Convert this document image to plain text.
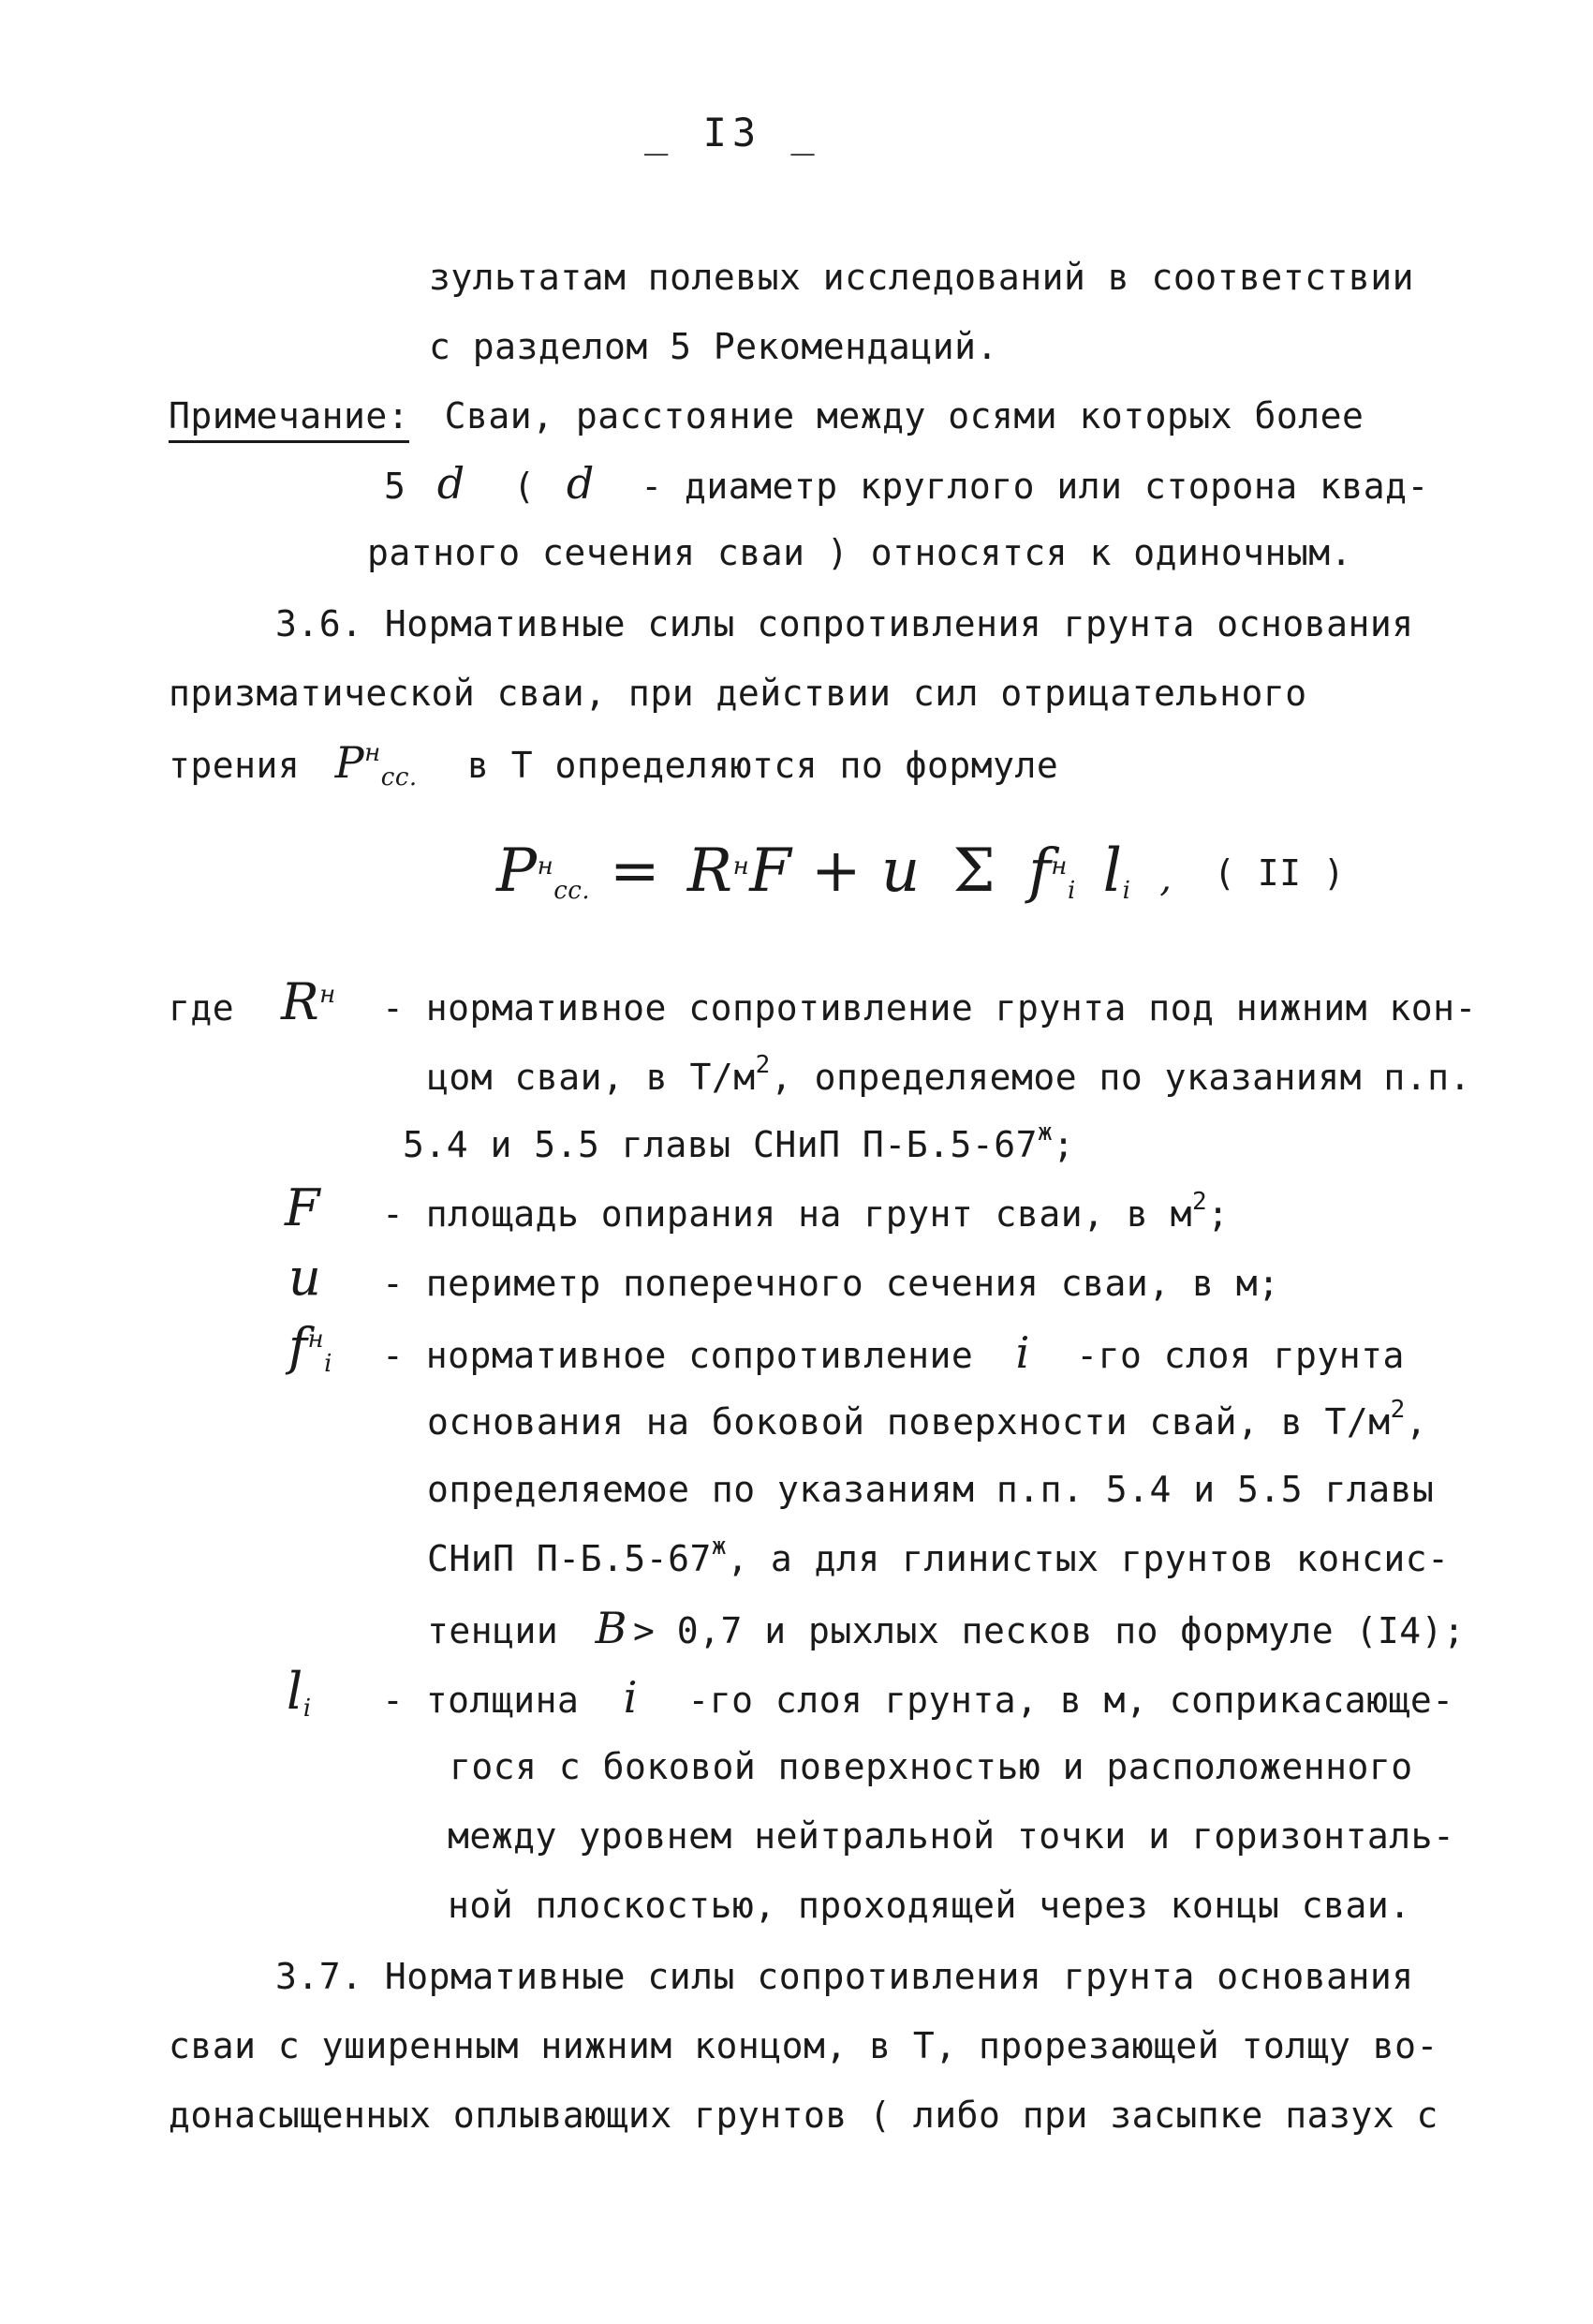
_ I3 _
зультатам полевых исследований в соответствии
с разделом 5 Рекомендаций.
Примечание: Сваи, расстояние между осями которых более
5 d ( d - диаметр круглого или сторона квад-
ратного сечения сваи ) относятся к одиночным.
3.6. Нормативные силы сопротивления грунта основания
призматической сваи, при действии сил отрицательного
трения $P^н_{cc.}$ в Т определяются по формуле
$P^н_{cc.} = R^нF + u$ Σ $f^н_i$ $l_i$ , ( II )
где $R^н$ - нормативное сопротивление грунта под нижним кон-
цом сваи, в $Т/м^2$, определяемое по указаниям п.п.
5.4 и 5.5 главы СНиП $П-Б.5-67^ж$;
F - площадь опирания на грунт сваи, в $м^2$;
u - периметр поперечного сечения сваи, в м;
$f^н_i$ - нормативное сопротивление i -го слоя грунта
основания на боковой поверхности свай, в $Т/м^2$,
определяемое по указаниям п.п. 5.4 и 5.5 главы
СНиП $П-Б.5-67^ж$, а для глинистых грунтов консис-
тенции B > 0,7 и рыхлых песков по формуле (I4);
$l_i$ - толщина i -го слоя грунта, в м, соприкасающе-
гося с боковой поверхностью и расположенного
между уровнем нейтральной точки и горизонталь-
ной плоскостью, проходящей через концы сваи.
3.7. Нормативные силы сопротивления грунта основания
сваи с уширенным нижним концом, в Т, прорезающей толщу во-
донасыщенных оплывающих грунтов ( либо при засыпке пазух с
